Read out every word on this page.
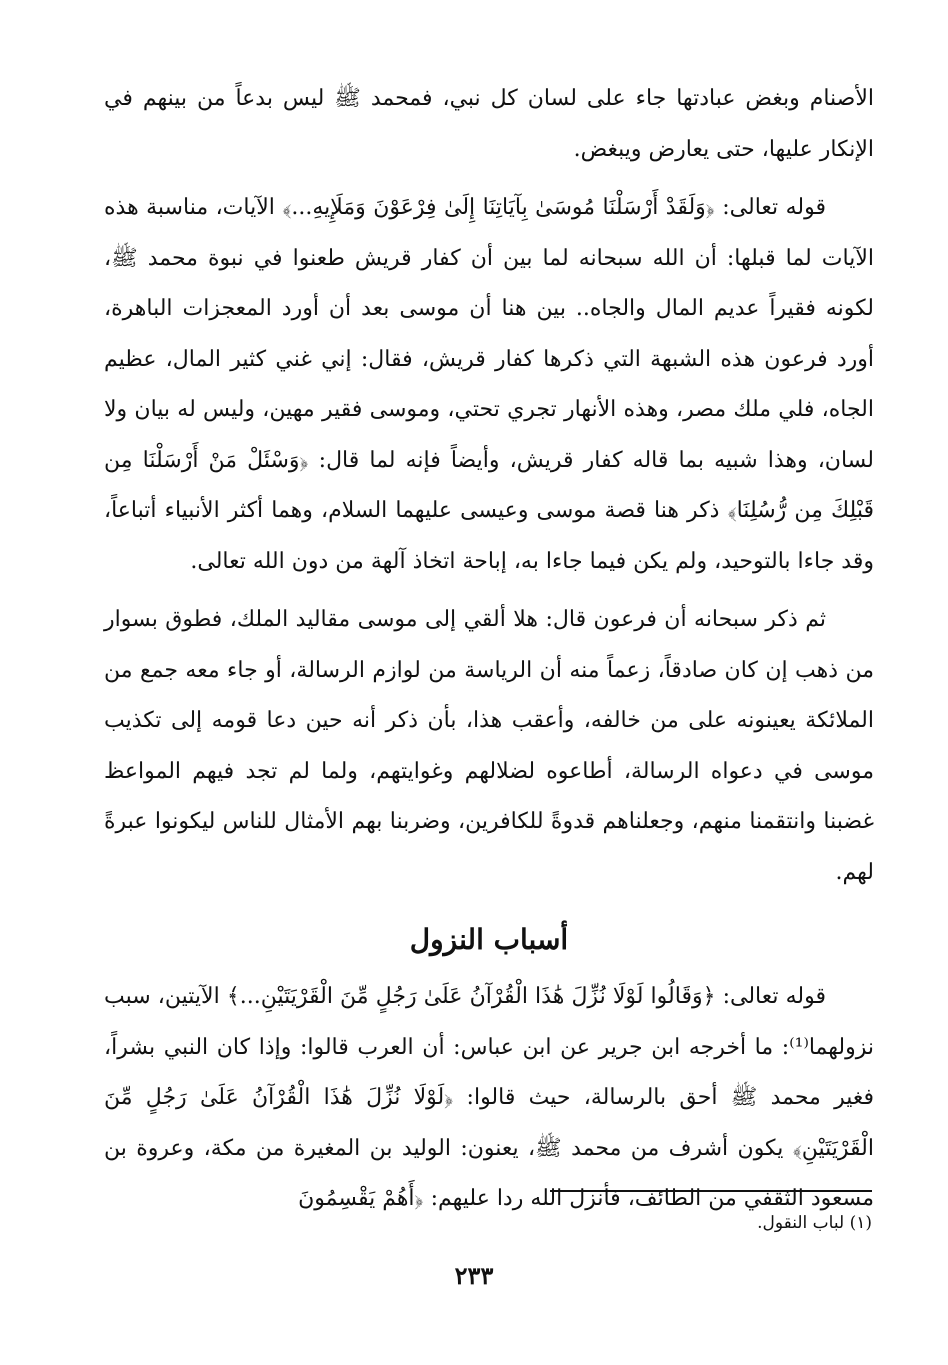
الأصنام وبغض عبادتها جاء على لسان كل نبي، فمحمد ﷺ ليس بدعاً من بينهم في الإنكار عليها، حتى يعارض ويبغض.

قوله تعالى: ﴿وَلَقَدْ أَرْسَلْنَا مُوسَىٰ بِآيَاتِنَا إِلَىٰ فِرْعَوْنَ وَمَلَإِيهِ...﴾ الآيات، مناسبة هذه الآيات لما قبلها: أن الله سبحانه لما بين أن كفار قريش طعنوا في نبوة محمد ﷺ، لكونه فقيراً عديم المال والجاه.. بين هنا أن موسى بعد أن أورد المعجزات الباهرة، أورد فرعون هذه الشبهة التي ذكرها كفار قريش، فقال: إني غني كثير المال، عظيم الجاه، فلي ملك مصر، وهذه الأنهار تجري تحتي، وموسى فقير مهين، وليس له بيان ولا لسان، وهذا شبيه بما قاله كفار قريش، وأيضاً فإنه لما قال: ﴿وَسْئَلْ مَنْ أَرْسَلْنَا مِن قَبْلِكَ مِن رُّسُلِنَا﴾ ذكر هنا قصة موسى وعيسى عليهما السلام، وهما أكثر الأنبياء أتباعاً، وقد جاءا بالتوحيد، ولم يكن فيما جاءا به، إباحة اتخاذ آلهة من دون الله تعالى.

ثم ذكر سبحانه أن فرعون قال: هلا ألقي إلى موسى مقاليد الملك، فطوق بسوار من ذهب إن كان صادقاً، زعماً منه أن الرياسة من لوازم الرسالة، أو جاء معه جمع من الملائكة يعينونه على من خالفه، وأعقب هذا، بأن ذكر أنه حين دعا قومه إلى تكذيب موسى في دعواه الرسالة، أطاعوه لضلالهم وغوايتهم، ولما لم تجد فيهم المواعظ غضبنا وانتقمنا منهم، وجعلناهم قدوةً للكافرين، وضربنا بهم الأمثال للناس ليكونوا عبرةً لهم.

أسباب النزول

قوله تعالى: ﴿وَقَالُوا لَوْلَا نُزِّلَ هَٰذَا الْقُرْآنُ عَلَىٰ رَجُلٍ مِّنَ الْقَرْيَتَيْنِ...﴾ الآيتين، سبب نزولهما⁽¹⁾: ما أخرجه ابن جرير عن ابن عباس: أن العرب قالوا: وإذا كان النبي بشراً، فغير محمد ﷺ أحق بالرسالة، حيث قالوا: ﴿لَوْلَا نُزِّلَ هَٰذَا الْقُرْآنُ عَلَىٰ رَجُلٍ مِّنَ الْقَرْيَتَيْنِ﴾ يكون أشرف من محمد ﷺ، يعنون: الوليد بن المغيرة من مكة، وعروة بن مسعود الثقفي من الطائف، فأنزل الله ردا عليهم: ﴿أَهُمْ يَقْسِمُونَ

(١) لباب النقول.
٢٣٣
